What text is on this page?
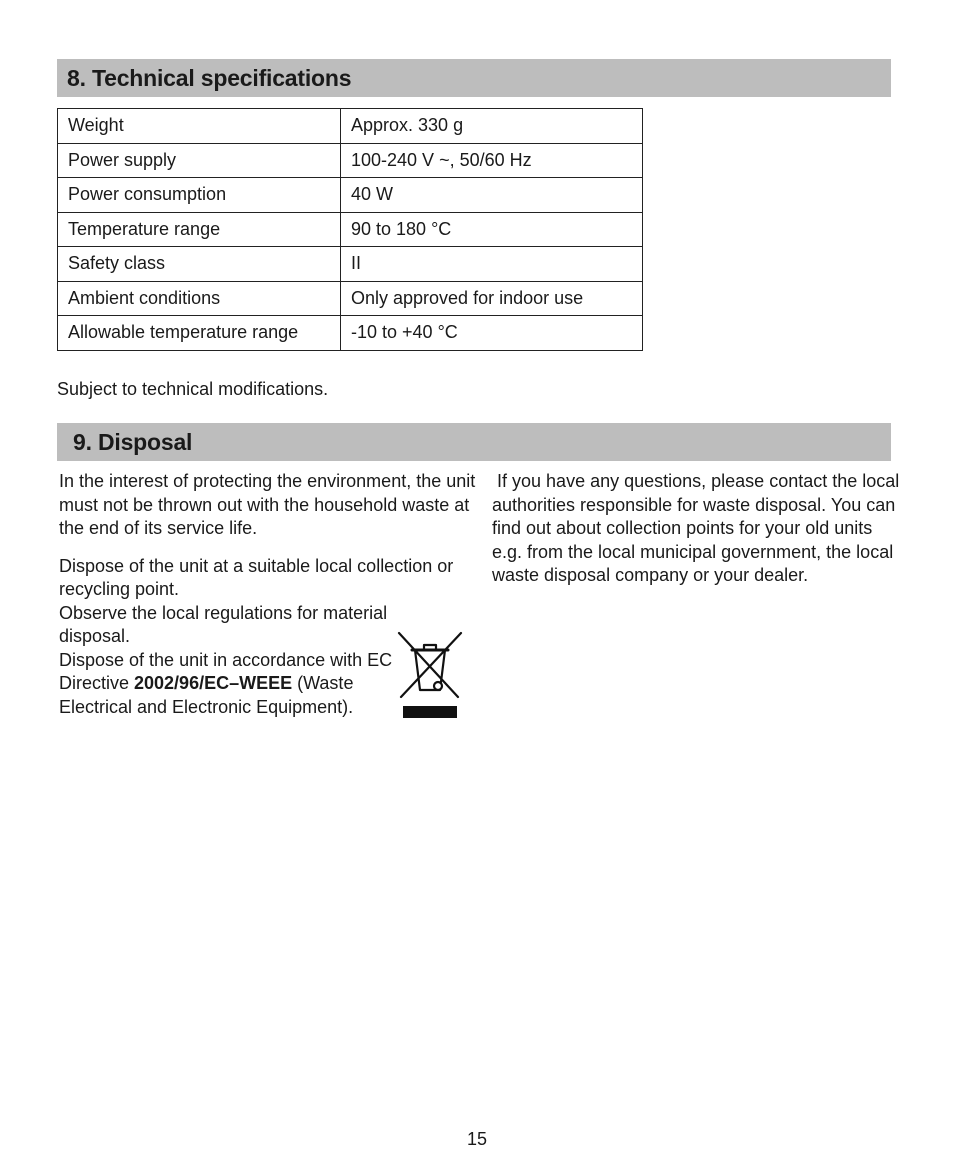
8. Technical specifications
Weight	Approx. 330 g
Power supply	100-240 V ~, 50/60 Hz
Power consumption	40 W
Temperature range	90 to 180 °C
Safety class	II
Ambient conditions	Only approved for indoor use
Allowable temperature range	-10 to +40 °C
Subject to technical modifications.
9. Disposal

In the interest of protecting the environment, the unit must not be thrown out with the household waste at the end of its service life.

Dispose of the unit at a suitable local collection or recycling point.

Observe the local regulations for material disposal.

Dispose of the unit in accordance with EC Directive 2002/96/EC–WEEE (Waste Electrical and Electronic Equipment).

If you have any questions, please contact the local authorities responsible for waste disposal. You can find out about collection points for your old units e.g. from the local municipal government, the local waste disposal company or your dealer.

15
